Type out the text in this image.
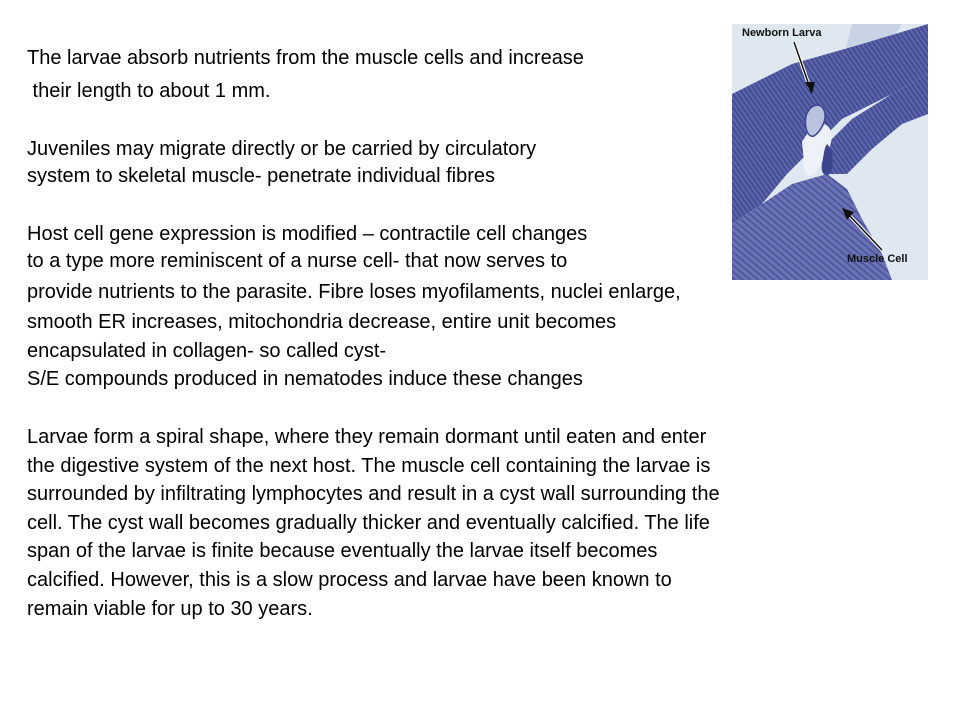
The larvae absorb nutrients from the muscle cells and increase
their length to about 1 mm.
Juveniles may migrate directly or be carried by circulatory
system to skeletal muscle- penetrate individual fibres
Host cell gene expression is modified – contractile cell changes
to a type more reminiscent of a nurse cell- that now serves to
provide nutrients to the parasite. Fibre loses myofilaments, nuclei enlarge,
smooth ER increases, mitochondria decrease, entire unit becomes
encapsulated in collagen- so called cyst-
S/E compounds produced in nematodes induce these changes
Larvae form a spiral shape, where they remain dormant until eaten and enter
the digestive system of the next host. The muscle cell containing the larvae is
surrounded by infiltrating lymphocytes and result in a cyst wall surrounding the
cell. The cyst wall becomes gradually thicker and eventually calcified. The life
span of the larvae is finite because eventually the larvae itself becomes
calcified. However, this is a slow process and larvae have been known to
remain viable for up to 30 years.
Newborn Larva
Muscle Cell
